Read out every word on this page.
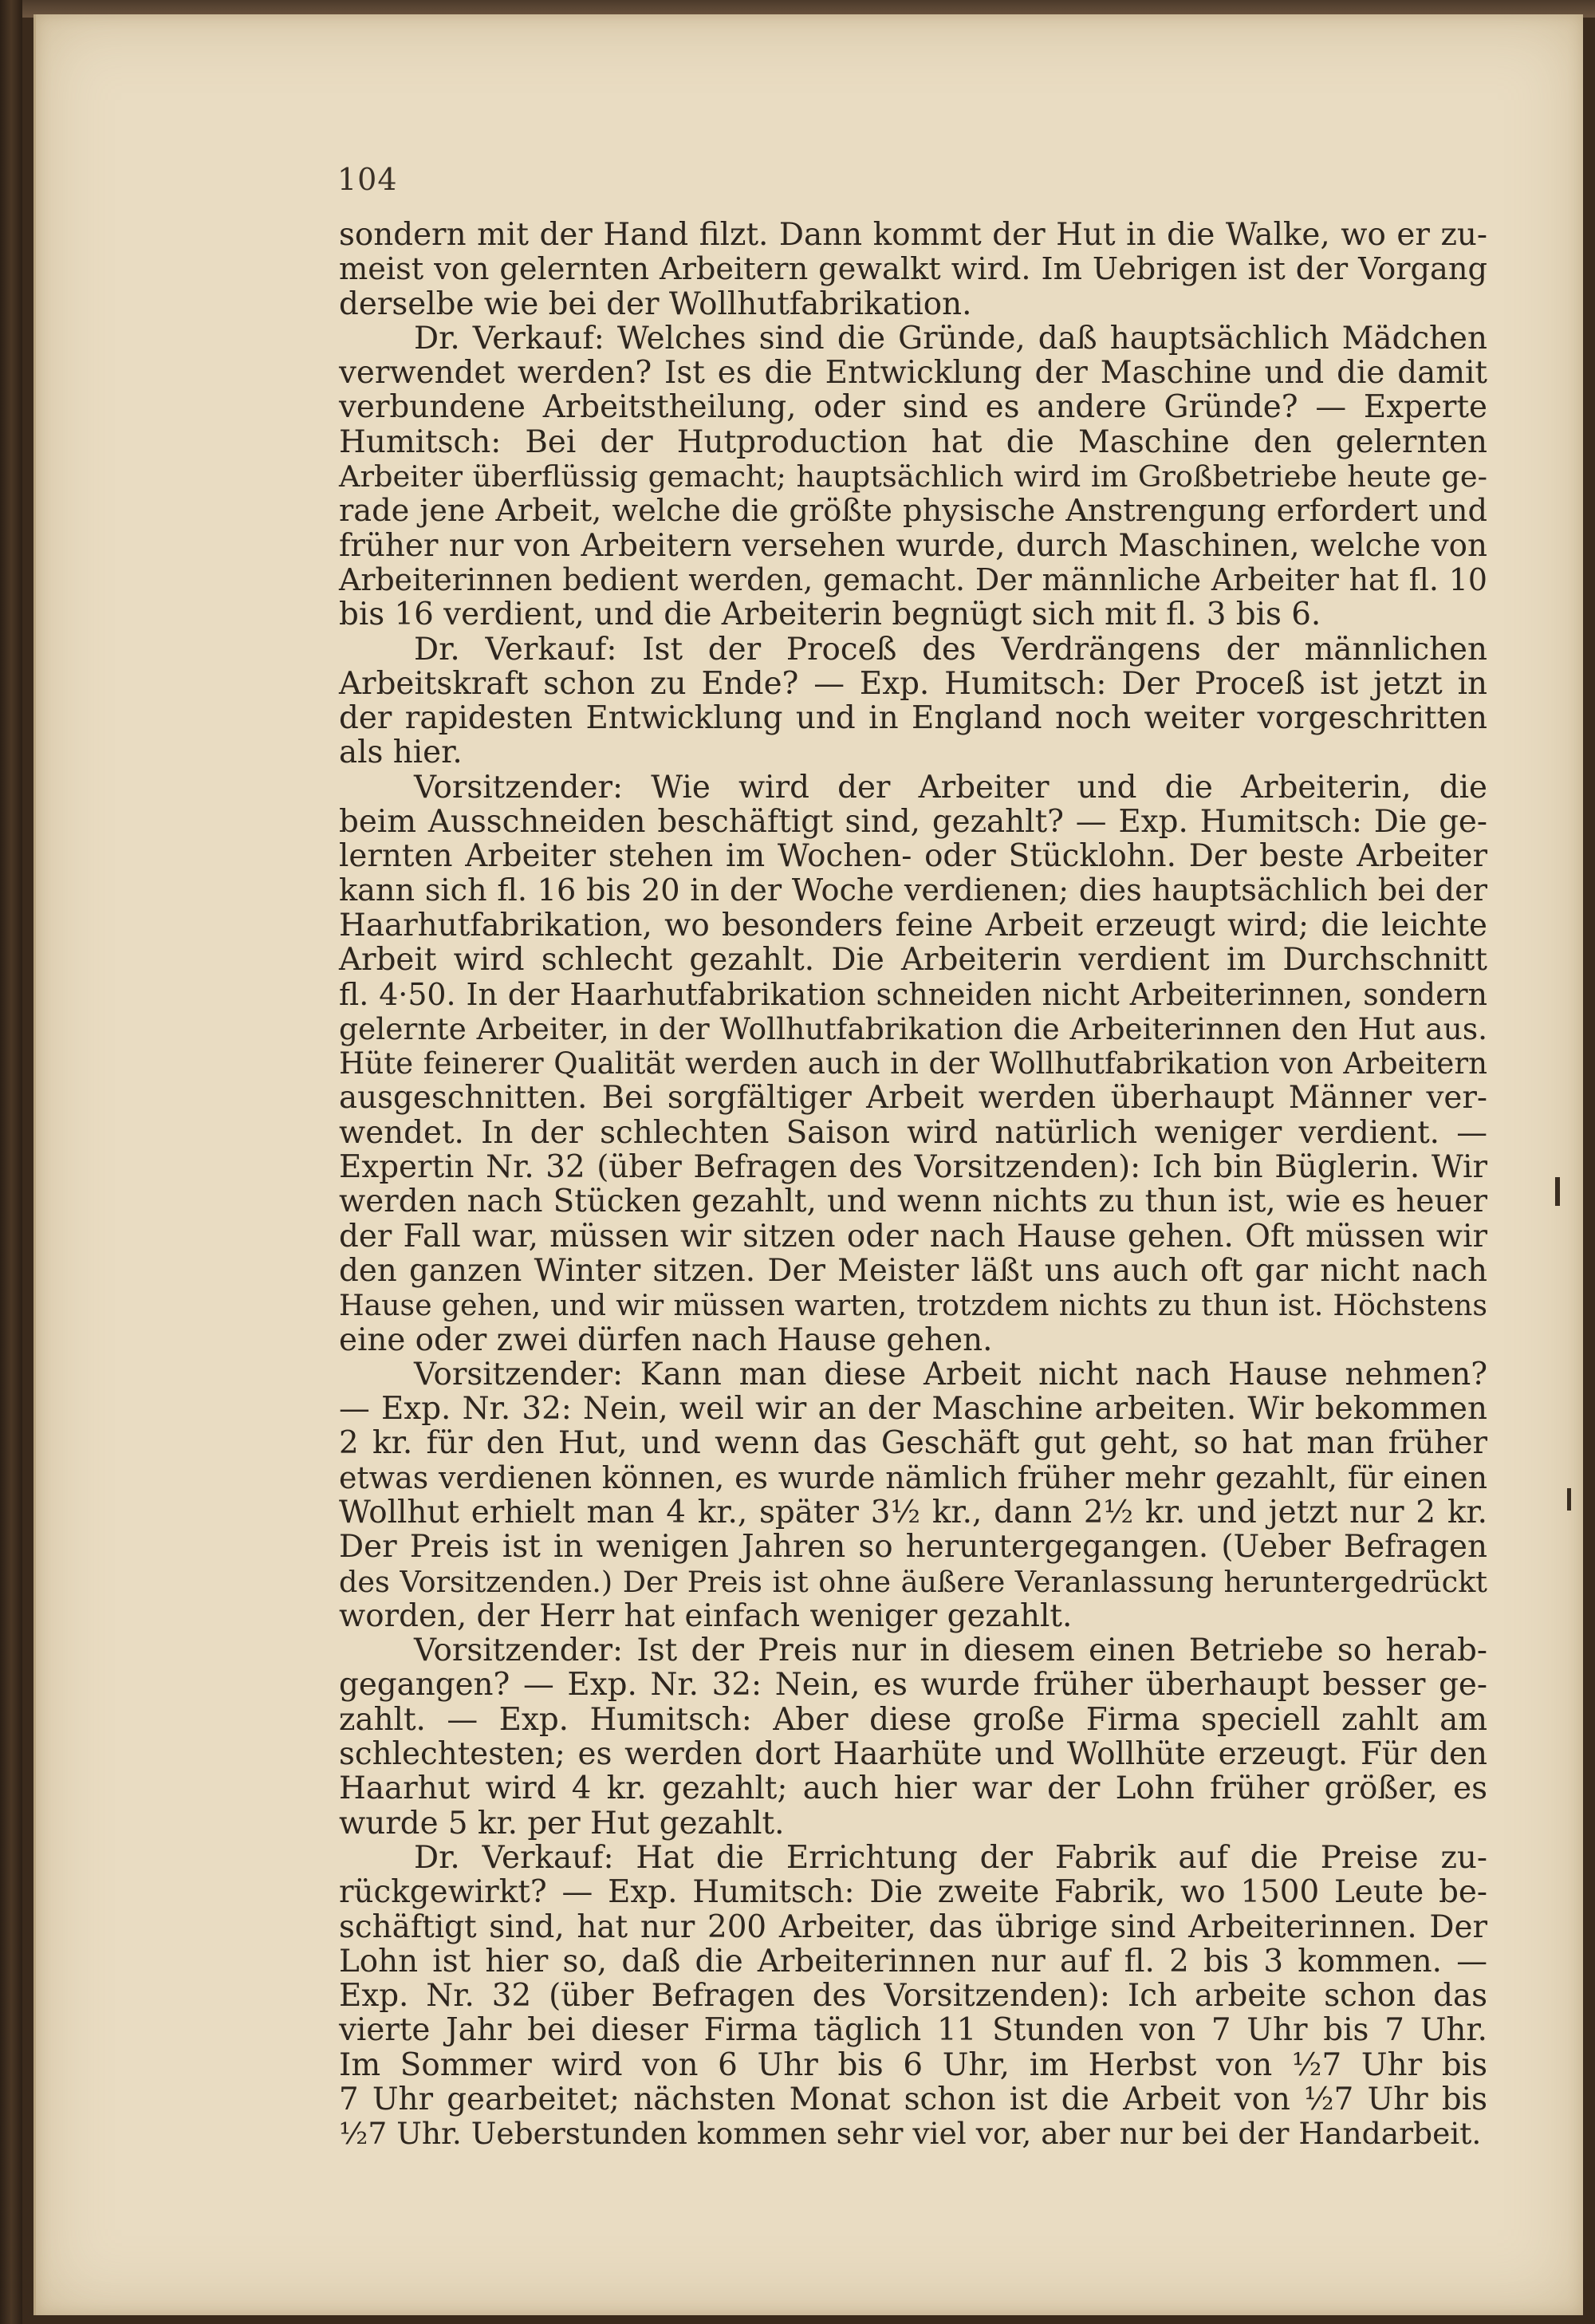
104
sondern mit der Hand filzt. Dann kommt der Hut in die Walke, wo er zu-
meist von gelernten Arbeitern gewalkt wird. Im Uebrigen ist der Vorgang
derselbe wie bei der Wollhutfabrikation.
Dr. Verkauf: Welches sind die Gründe, daß hauptsächlich Mädchen
verwendet werden? Ist es die Entwicklung der Maschine und die damit
verbundene Arbeitstheilung, oder sind es andere Gründe? — Experte
Humitsch: Bei der Hutproduction hat die Maschine den gelernten
Arbeiter überflüssig gemacht; hauptsächlich wird im Großbetriebe heute ge-
rade jene Arbeit, welche die größte physische Anstrengung erfordert und
früher nur von Arbeitern versehen wurde, durch Maschinen, welche von
Arbeiterinnen bedient werden, gemacht. Der männliche Arbeiter hat fl. 10
bis 16 verdient, und die Arbeiterin begnügt sich mit fl. 3 bis 6.
Dr. Verkauf: Ist der Proceß des Verdrängens der männlichen
Arbeitskraft schon zu Ende? — Exp. Humitsch: Der Proceß ist jetzt in
der rapidesten Entwicklung und in England noch weiter vorgeschritten
als hier.
Vorsitzender: Wie wird der Arbeiter und die Arbeiterin, die
beim Ausschneiden beschäftigt sind, gezahlt? — Exp. Humitsch: Die ge-
lernten Arbeiter stehen im Wochen- oder Stücklohn. Der beste Arbeiter
kann sich fl. 16 bis 20 in der Woche verdienen; dies hauptsächlich bei der
Haarhutfabrikation, wo besonders feine Arbeit erzeugt wird; die leichte
Arbeit wird schlecht gezahlt. Die Arbeiterin verdient im Durchschnitt
fl. 4·50. In der Haarhutfabrikation schneiden nicht Arbeiterinnen, sondern
gelernte Arbeiter, in der Wollhutfabrikation die Arbeiterinnen den Hut aus.
Hüte feinerer Qualität werden auch in der Wollhutfabrikation von Arbeitern
ausgeschnitten. Bei sorgfältiger Arbeit werden überhaupt Männer ver-
wendet. In der schlechten Saison wird natürlich weniger verdient. —
Expertin Nr. 32 (über Befragen des Vorsitzenden): Ich bin Büglerin. Wir
werden nach Stücken gezahlt, und wenn nichts zu thun ist, wie es heuer
der Fall war, müssen wir sitzen oder nach Hause gehen. Oft müssen wir
den ganzen Winter sitzen. Der Meister läßt uns auch oft gar nicht nach
Hause gehen, und wir müssen warten, trotzdem nichts zu thun ist. Höchstens
eine oder zwei dürfen nach Hause gehen.
Vorsitzender: Kann man diese Arbeit nicht nach Hause nehmen?
— Exp. Nr. 32: Nein, weil wir an der Maschine arbeiten. Wir bekommen
2 kr. für den Hut, und wenn das Geschäft gut geht, so hat man früher
etwas verdienen können, es wurde nämlich früher mehr gezahlt, für einen
Wollhut erhielt man 4 kr., später 3½ kr., dann 2½ kr. und jetzt nur 2 kr.
Der Preis ist in wenigen Jahren so heruntergegangen. (Ueber Befragen
des Vorsitzenden.) Der Preis ist ohne äußere Veranlassung heruntergedrückt
worden, der Herr hat einfach weniger gezahlt.
Vorsitzender: Ist der Preis nur in diesem einen Betriebe so herab-
gegangen? — Exp. Nr. 32: Nein, es wurde früher überhaupt besser ge-
zahlt. — Exp. Humitsch: Aber diese große Firma speciell zahlt am
schlechtesten; es werden dort Haarhüte und Wollhüte erzeugt. Für den
Haarhut wird 4 kr. gezahlt; auch hier war der Lohn früher größer, es
wurde 5 kr. per Hut gezahlt.
Dr. Verkauf: Hat die Errichtung der Fabrik auf die Preise zu-
rückgewirkt? — Exp. Humitsch: Die zweite Fabrik, wo 1500 Leute be-
schäftigt sind, hat nur 200 Arbeiter, das übrige sind Arbeiterinnen. Der
Lohn ist hier so, daß die Arbeiterinnen nur auf fl. 2 bis 3 kommen. —
Exp. Nr. 32 (über Befragen des Vorsitzenden): Ich arbeite schon das
vierte Jahr bei dieser Firma täglich 11 Stunden von 7 Uhr bis 7 Uhr.
Im Sommer wird von 6 Uhr bis 6 Uhr, im Herbst von ½7 Uhr bis
7 Uhr gearbeitet; nächsten Monat schon ist die Arbeit von ½7 Uhr bis
½7 Uhr. Ueberstunden kommen sehr viel vor, aber nur bei der Handarbeit.
